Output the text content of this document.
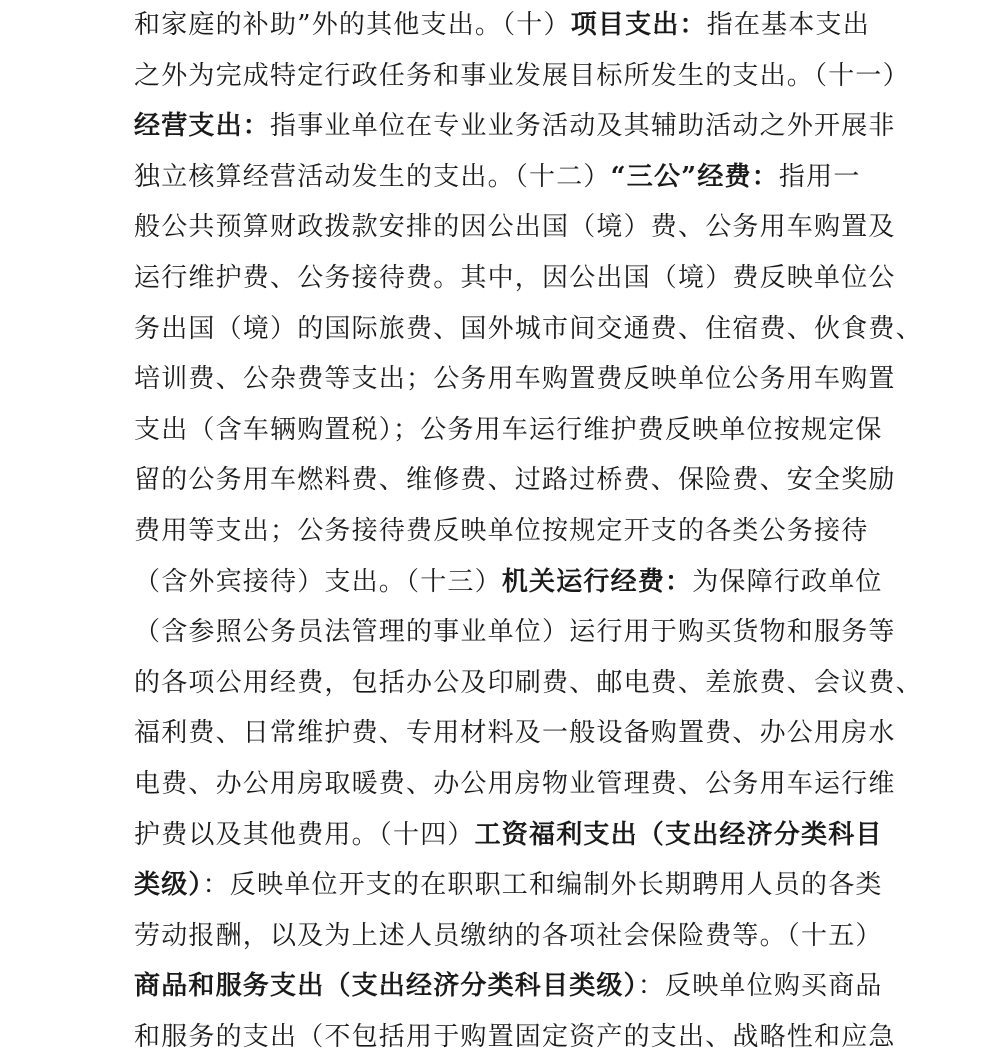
和家庭的补助”外的其他支出。（十）项目支出：指在基本支出
之外为完成特定行政任务和事业发展目标所发生的支出。（十一）
经营支出：指事业单位在专业业务活动及其辅助活动之外开展非
独立核算经营活动发生的支出。（十二）“三公”经费：指用一
般公共预算财政拨款安排的因公出国（境）费、公务用车购置及
运行维护费、公务接待费。其中，因公出国（境）费反映单位公
务出国（境）的国际旅费、国外城市间交通费、住宿费、伙食费、
培训费、公杂费等支出；公务用车购置费反映单位公务用车购置
支出（含车辆购置税）；公务用车运行维护费反映单位按规定保
留的公务用车燃料费、维修费、过路过桥费、保险费、安全奖励
费用等支出；公务接待费反映单位按规定开支的各类公务接待
（含外宾接待）支出。（十三）机关运行经费：为保障行政单位
（含参照公务员法管理的事业单位）运行用于购买货物和服务等
的各项公用经费，包括办公及印刷费、邮电费、差旅费、会议费、
福利费、日常维护费、专用材料及一般设备购置费、办公用房水
电费、办公用房取暖费、办公用房物业管理费、公务用车运行维
护费以及其他费用。（十四）工资福利支出（支出经济分类科目
类级）：反映单位开支的在职职工和编制外长期聘用人员的各类
劳动报酬，以及为上述人员缴纳的各项社会保险费等。（十五）
商品和服务支出（支出经济分类科目类级）：反映单位购买商品
和服务的支出（不包括用于购置固定资产的支出、战略性和应急
